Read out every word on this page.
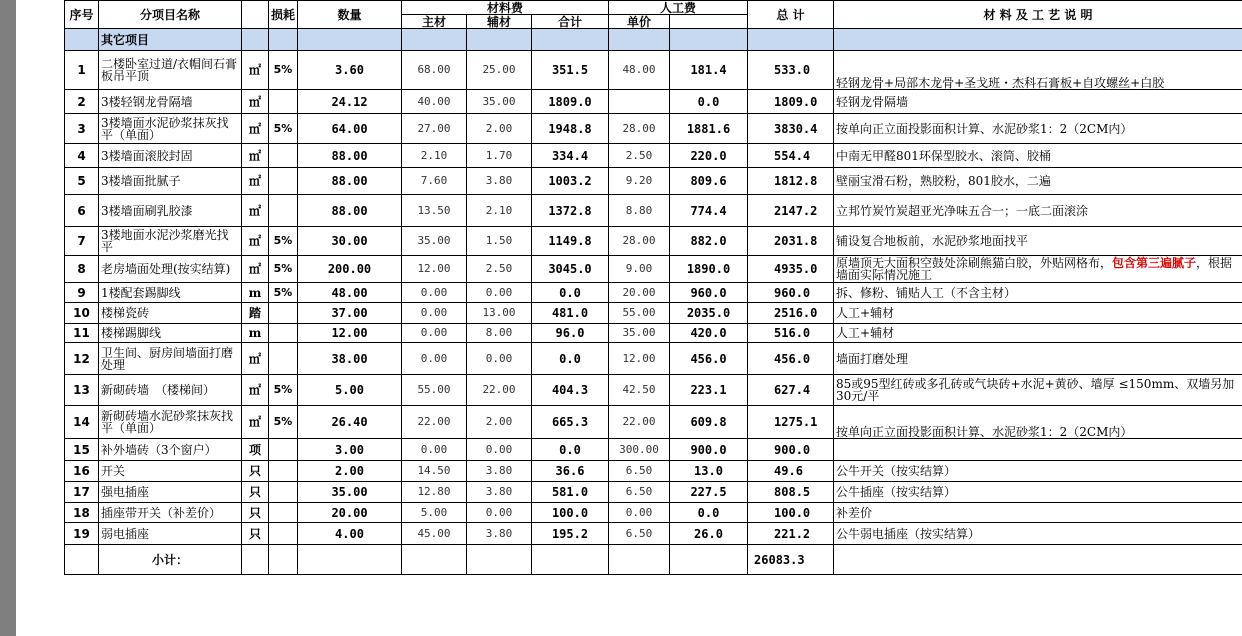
序号	分项目名称		损耗	数量	材料费			人工费		总 计	材 料 及 工 艺 说 明
					主材	辅材	合计	单价			
	其它项目										
1	二楼卧室过道/衣帽间石膏板吊平顶	㎡	5%	3.60	68.00	25.00	351.5	48.00	181.4	533.0	轻钢龙骨+局部木龙骨+圣戈班・杰科石膏板+自攻螺丝+白胶
2	3楼轻钢龙骨隔墙	㎡		24.12	40.00	35.00	1809.0		0.0	1809.0	轻钢龙骨隔墙
3	3楼墙面水泥砂浆抹灰找平（单面）	㎡	5%	64.00	27.00	2.00	1948.8	28.00	1881.6	3830.4	按单向正立面投影面积计算、水泥砂浆1：2（2CM内）
4	3楼墙面滚胶封固	㎡		88.00	2.10	1.70	334.4	2.50	220.0	554.4	中南无甲醛801环保型胶水、滚筒、胶桶
5	3楼墙面批腻子	㎡		88.00	7.60	3.80	1003.2	9.20	809.6	1812.8	壁丽宝滑石粉，熟胶粉，801胶水，二遍
6	3楼墙面刷乳胶漆	㎡		88.00	13.50	2.10	1372.8	8.80	774.4	2147.2	立邦竹炭竹炭超亚光净味五合一；一底二面滚涂
7	3楼地面水泥沙浆磨光找平	㎡	5%	30.00	35.00	1.50	1149.8	28.00	882.0	2031.8	铺设复合地板前，水泥砂浆地面找平
8	老房墙面处理(按实结算)	㎡	5%	200.00	12.00	2.50	3045.0	9.00	1890.0	4935.0	原墙顶无大面积空鼓处涂刷熊猫白胶，外贴网格布，包含第三遍腻子，根据墙面实际情况施工
9	1楼配套踢脚线	m	5%	48.00	0.00	0.00	0.0	20.00	960.0	960.0	拆、修粉、铺贴人工（不含主材）
10	楼梯瓷砖	踏		37.00	0.00	13.00	481.0	55.00	2035.0	2516.0	人工+辅材
11	楼梯踢脚线	m		12.00	0.00	8.00	96.0	35.00	420.0	516.0	人工+辅材
12	卫生间、厨房间墙面打磨处理	㎡		38.00	0.00	0.00	0.0	12.00	456.0	456.0	墙面打磨处理
13	新砌砖墙　（楼梯间）	㎡	5%	5.00	55.00	22.00	404.3	42.50	223.1	627.4	85或95型红砖或多孔砖或气块砖+水泥+黄砂、墙厚 ≤150mm、双墙另加30元/平
14	新砌砖墙水泥砂浆抹灰找平（单面）	㎡	5%	26.40	22.00	2.00	665.3	22.00	609.8	1275.1	按单向正立面投影面积计算、水泥砂浆1：2（2CM内）
15	补外墙砖（3个窗户）	项		3.00	0.00	0.00	0.0	300.00	900.0	900.0	
16	开关	只		2.00	14.50	3.80	36.6	6.50	13.0	49.6	公牛开关（按实结算）
17	强电插座	只		35.00	12.80	3.80	581.0	6.50	227.5	808.5	公牛插座（按实结算）
18	插座带开关（补差价）	只		20.00	5.00	0.00	100.0	0.00	0.0	100.0	补差价
19	弱电插座	只		4.00	45.00	3.80	195.2	6.50	26.0	221.2	公牛弱电插座（按实结算）
	小计：									26083.3	
